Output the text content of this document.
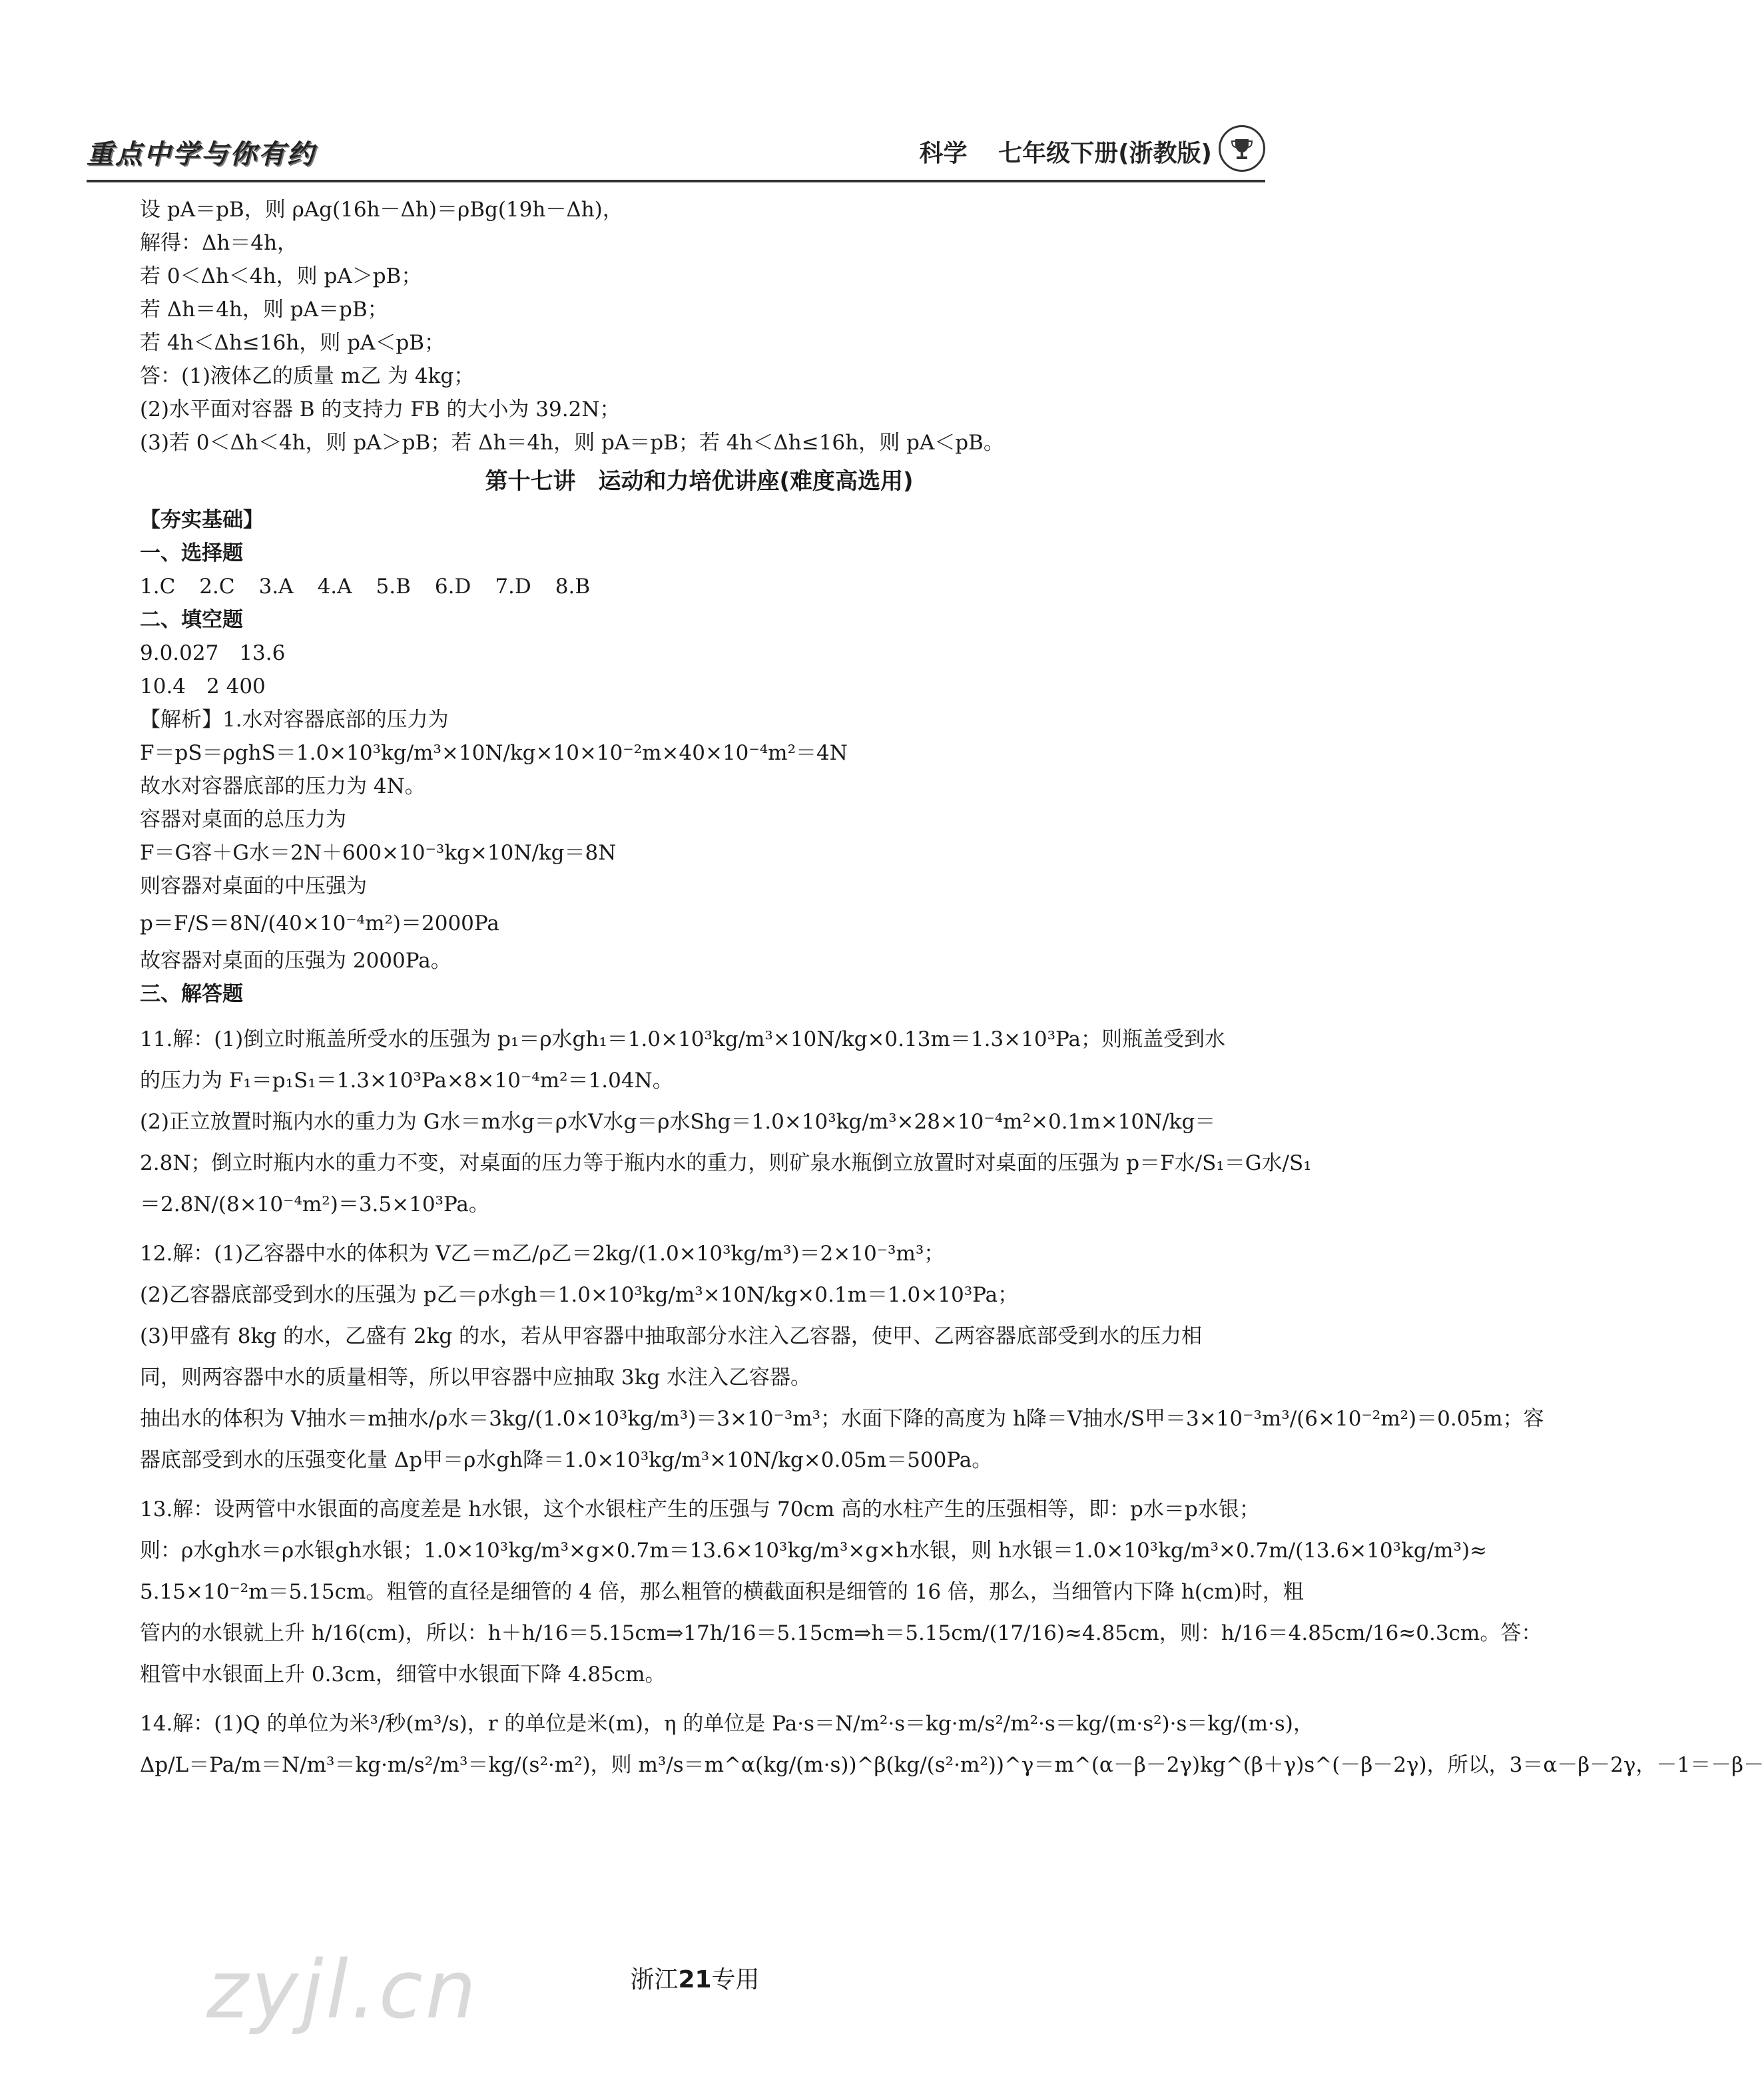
重点中学与你有约	科学 七年级下册(浙教版)
设 pA＝pB，则 ρAg(16h－Δh)＝ρBg(19h－Δh)，
解得：Δh＝4h，
若 0＜Δh＜4h，则 pA＞pB；
若 Δh＝4h，则 pA＝pB；
若 4h＜Δh≤16h，则 pA＜pB；
答：(1)液体乙的质量 m乙 为 4kg；
(2)水平面对容器 B 的支持力 FB 的大小为 39.2N；
(3)若 0＜Δh＜4h，则 pA＞pB；若 Δh＝4h，则 pA＝pB；若 4h＜Δh≤16h，则 pA＜pB。
第十七讲　运动和力培优讲座(难度高选用)
【夯实基础】
一、选择题
1.C 2.C 3.A 4.A 5.B 6.D 7.D 8.B
二、填空题
9.0.027　13.6
10.4　2 400
【解析】1.水对容器底部的压力为
F＝pS＝ρghS＝1.0×10³kg/m³×10N/kg×10×10⁻²m×40×10⁻⁴m²＝4N
故水对容器底部的压力为 4N。
容器对桌面的总压力为
F＝G容＋G水＝2N＋600×10⁻³kg×10N/kg＝8N
则容器对桌面的中压强为
p＝F/S＝8N/(40×10⁻⁴m²)＝2000Pa
故容器对桌面的压强为 2000Pa。
三、解答题
11.解：(1)倒立时瓶盖所受水的压强为 p₁＝ρ水gh₁＝1.0×10³kg/m³×10N/kg×0.13m＝1.3×10³Pa；则瓶盖受到水
的压力为 F₁＝p₁S₁＝1.3×10³Pa×8×10⁻⁴m²＝1.04N。
(2)正立放置时瓶内水的重力为 G水＝m水g＝ρ水V水g＝ρ水Shg＝1.0×10³kg/m³×28×10⁻⁴m²×0.1m×10N/kg＝
2.8N；倒立时瓶内水的重力不变，对桌面的压力等于瓶内水的重力，则矿泉水瓶倒立放置时对桌面的压强为 p＝F水/S₁＝G水/S₁
＝2.8N/(8×10⁻⁴m²)＝3.5×10³Pa。
12.解：(1)乙容器中水的体积为 V乙＝m乙/ρ乙＝2kg/(1.0×10³kg/m³)＝2×10⁻³m³；
(2)乙容器底部受到水的压强为 p乙＝ρ水gh＝1.0×10³kg/m³×10N/kg×0.1m＝1.0×10³Pa；
(3)甲盛有 8kg 的水，乙盛有 2kg 的水，若从甲容器中抽取部分水注入乙容器，使甲、乙两容器底部受到水的压力相
同，则两容器中水的质量相等，所以甲容器中应抽取 3kg 水注入乙容器。
抽出水的体积为 V抽水＝m抽水/ρ水＝3kg/(1.0×10³kg/m³)＝3×10⁻³m³；水面下降的高度为 h降＝V抽水/S甲＝3×10⁻³m³/(6×10⁻²m²)＝0.05m；容
器底部受到水的压强变化量 Δp甲＝ρ水gh降＝1.0×10³kg/m³×10N/kg×0.05m＝500Pa。
13.解：设两管中水银面的高度差是 h水银，这个水银柱产生的压强与 70cm 高的水柱产生的压强相等，即：p水＝p水银；
则：ρ水gh水＝ρ水银gh水银；1.0×10³kg/m³×g×0.7m＝13.6×10³kg/m³×g×h水银，则 h水银＝1.0×10³kg/m³×0.7m/(13.6×10³kg/m³)≈
5.15×10⁻²m＝5.15cm。粗管的直径是细管的 4 倍，那么粗管的横截面积是细管的 16 倍，那么，当细管内下降 h(cm)时，粗
管内的水银就上升 h/16(cm)，所以：h＋h/16＝5.15cm⇒17h/16＝5.15cm⇒h＝5.15cm/(17/16)≈4.85cm，则：h/16＝4.85cm/16≈0.3cm。答：
粗管中水银面上升 0.3cm，细管中水银面下降 4.85cm。
14.解：(1)Q 的单位为米³/秒(m³/s)，r 的单位是米(m)，η 的单位是 Pa·s＝N/m²·s＝kg·m/s²/m²·s＝kg/(m·s²)·s＝kg/(m·s)，
Δp/L＝Pa/m＝N/m³＝kg·m/s²/m³＝kg/(s²·m²)，则 m³/s＝m^α(kg/(m·s))^β(kg/(s²·m²))^γ＝m^(α－β－2γ)kg^(β＋γ)s^(－β－2γ)，所以，3＝α－β－2γ，－1＝－β－
zyjl.cn	浙江21专用
